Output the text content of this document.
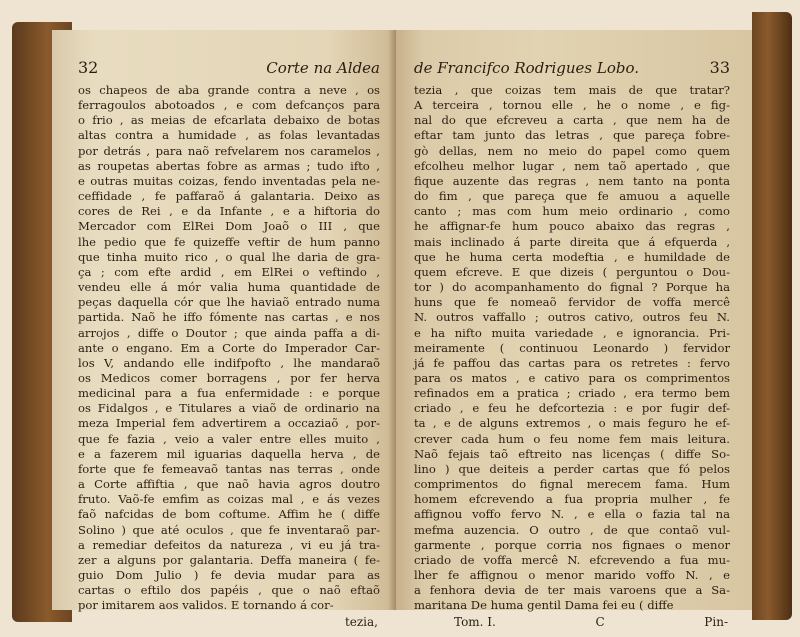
32	Corte na Aldea
os chapeos de aba grande contra a neve , os
ferragoulos abotoados , e com defcanços para
o frio , as meias de efcarlata debaixo de botas
altas contra a humidade , as folas levantadas
por detrás , para naõ refvelarem nos caramelos ,
as roupetas abertas fobre as armas ; tudo ifto ,
e outras muitas coizas, fendo inventadas pela ne-
ceffidade , fe paffaraõ á galantaria. Deixo as
cores de Rei , e da Infante , e a hiftoria do
Mercador com ElRei Dom Joaõ o III , que
lhe pedio que fe quizeffe veftir de hum panno
que tinha muito rico , o qual lhe daria de gra-
ça ; com efte ardid , em ElRei o veftindo ,
vendeu elle á mór valia huma quantidade de
peças daquella cór que lhe haviaõ entrado numa
partida. Naõ he iffo fómente nas cartas , e nos
arrojos , diffe o Doutor ; que ainda paffa a di-
ante o engano. Em a Corte do Imperador Car-
los V, andando elle indifpofto , lhe mandaraõ
os Medicos comer borragens , por fer herva
medicinal para a fua enfermidade : e porque
os Fidalgos , e Titulares a viaõ de ordinario na
meza Imperial fem advertirem a occaziaõ , por-
que fe fazia , veio a valer entre elles muito ,
e a fazerem mil iguarias daquella herva , de
forte que fe femeavaõ tantas nas terras , onde
a Corte affiftia , que naõ havia agros doutro
fruto. Vaõ-fe emfim as coizas mal , e ás vezes
faõ nafcidas de bom coftume. Affim he ( diffe
Solino ) que até oculos , que fe inventaraõ par-
a remediar defeitos da natureza , vi eu já tra-
zer a alguns por galantaria. Deffa maneira ( fe-
guio Dom Julio ) fe devia mudar para as
cartas o eftilo dos papéis , que o naõ eftaõ
por imitarem aos validos. E tornando á cor-
tezia,
de Francifco Rodrigues Lobo.	33
tezia , que coizas tem mais de que tratar?
A terceira , tornou elle , he o nome , e fig-
nal do que efcreveu a carta , que nem ha de
eftar tam junto das letras , que pareça fobre-
gò dellas, nem no meio do papel como quem
efcolheu melhor lugar , nem taõ apertado , que
fique auzente das regras , nem tanto na ponta
do fim , que pareça que fe amuou a aquelle
canto ; mas com hum meio ordinario , como
he affignar-fe hum pouco abaixo das regras ,
mais inclinado á parte direita que á efquerda ,
que he huma certa modeftia , e humildade de
quem efcreve. E que dizeis ( perguntou o Dou-
tor ) do acompanhamento do fignal ? Porque ha
huns que fe nomeaõ fervidor de voffa mercê
N. outros vaffallo ; outros cativo, outros feu N.
e ha nifto muita variedade , e ignorancia. Pri-
meiramente ( continuou Leonardo ) fervidor
já fe paffou das cartas para os retretes : fervo
para os matos , e cativo para os comprimentos
refinados em a pratica ; criado , era termo bem
criado , e feu he defcortezia : e por fugir def-
ta , e de alguns extremos , o mais feguro he ef-
crever cada hum o feu nome fem mais leitura.
Naõ fejais taõ eftreito nas licenças ( diffe So-
lino ) que deiteis a perder cartas que fó pelos
comprimentos do fignal merecem fama. Hum
homem efcrevendo a fua propria mulher , fe
affignou voffo fervo N. , e ella o fazia tal na
mefma auzencia. O outro , de que contaõ vul-
garmente , porque corria nos fignaes o menor
criado de voffa mercê N. efcrevendo a fua mu-
lher fe affignou o menor marido voffo N. , e
a fenhora devia de ter mais varoens que a Sa-
maritana De huma gentil Dama fei eu ( diffe
Tom. I.	C	Pin-
